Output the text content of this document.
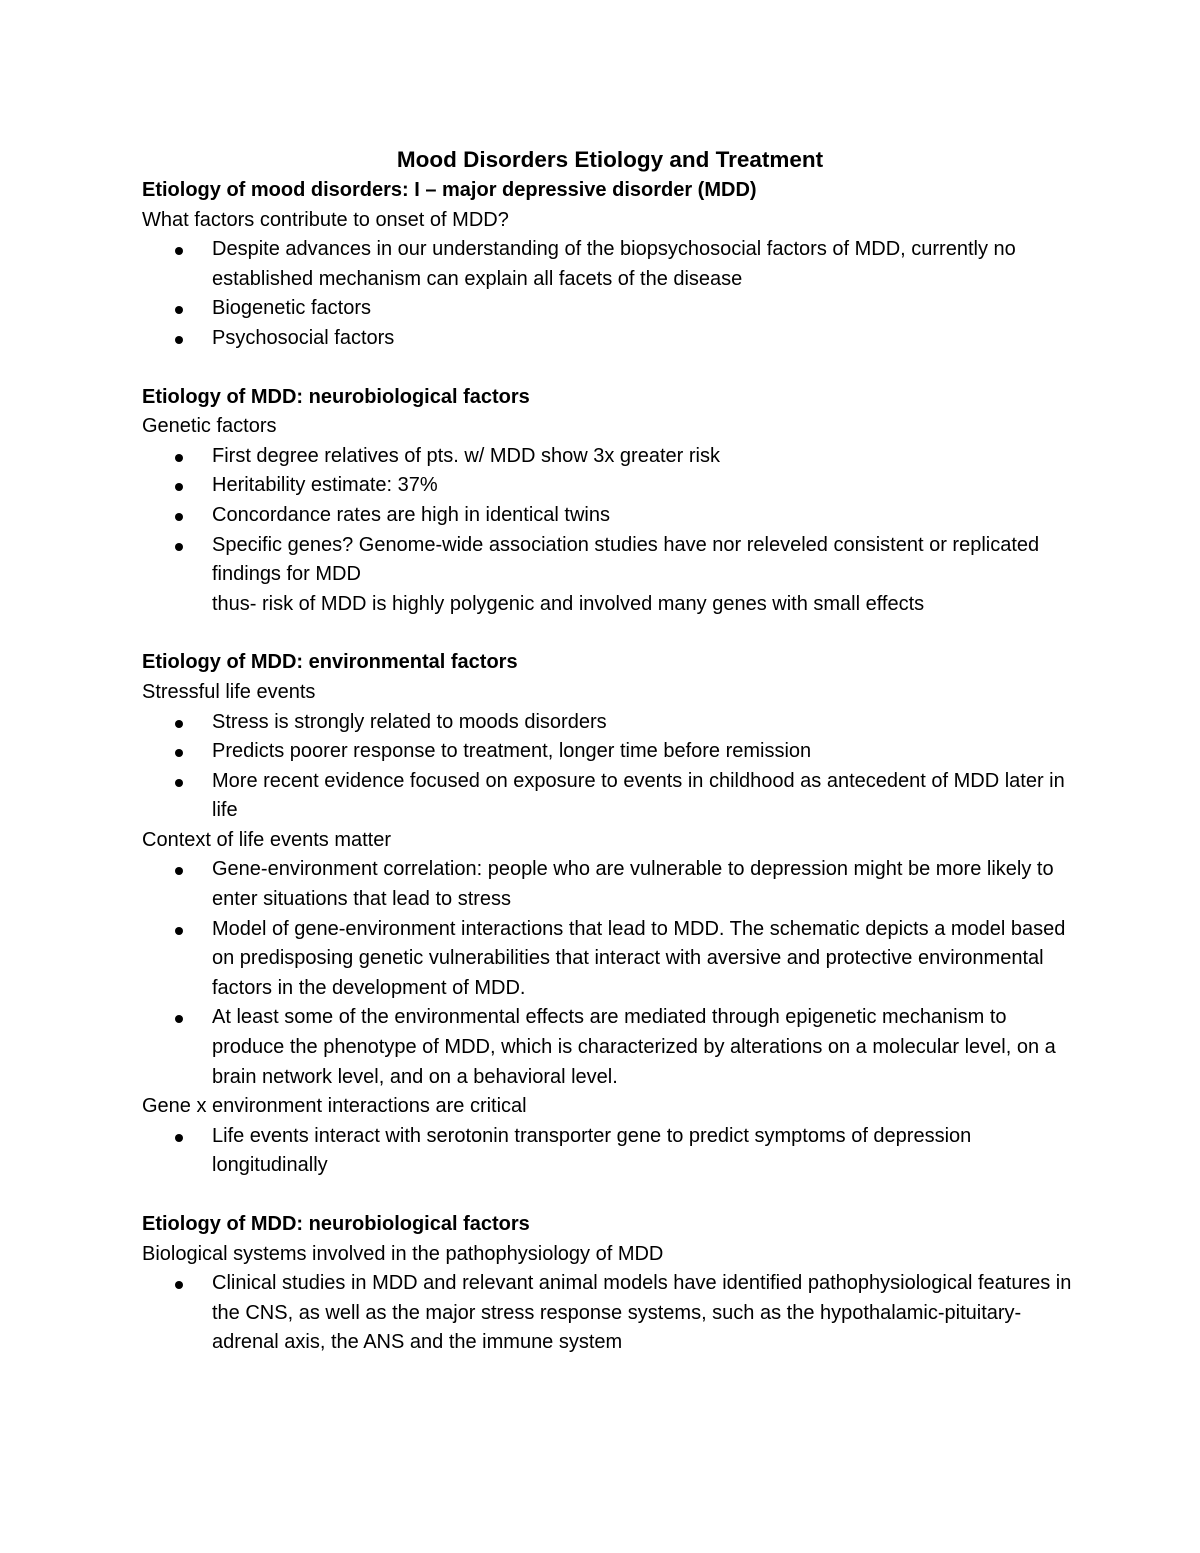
Mood Disorders Etiology and Treatment

Etiology of mood disorders: I – major depressive disorder (MDD)

What factors contribute to onset of MDD?

Despite advances in our understanding of the biopsychosocial factors of MDD, currently no established mechanism can explain all facets of the disease
Biogenetic factors
Psychosocial factors

Etiology of MDD: neurobiological factors

Genetic factors

First degree relatives of pts. w/ MDD show 3x greater risk
Heritability estimate: 37%
Concordance rates are high in identical twins
Specific genes? Genome-wide association studies have nor releveled consistent or replicated findings for MDD

thus- risk of MDD is highly polygenic and involved many genes with small effects

Etiology of MDD: environmental factors

Stressful life events

Stress is strongly related to moods disorders
Predicts poorer response to treatment, longer time before remission
More recent evidence focused on exposure to events in childhood as antecedent of MDD later in life

Context of life events matter

Gene-environment correlation: people who are vulnerable to depression might be more likely to enter situations that lead to stress
Model of gene-environment interactions that lead to MDD. The schematic depicts a model based on predisposing genetic vulnerabilities that interact with aversive and protective environmental factors in the development of MDD.
At least some of the environmental effects are mediated through epigenetic mechanism to produce the phenotype of MDD, which is characterized by alterations on a molecular level, on a brain network level, and on a behavioral level.

Gene x environment interactions are critical

Life events interact with serotonin transporter gene to predict symptoms of depression longitudinally

Etiology of MDD: neurobiological factors

Biological systems involved in the pathophysiology of MDD

Clinical studies in MDD and relevant animal models have identified pathophysiological features in the CNS, as well as the major stress response systems, such as the hypothalamic-pituitary-adrenal axis, the ANS and the immune system
